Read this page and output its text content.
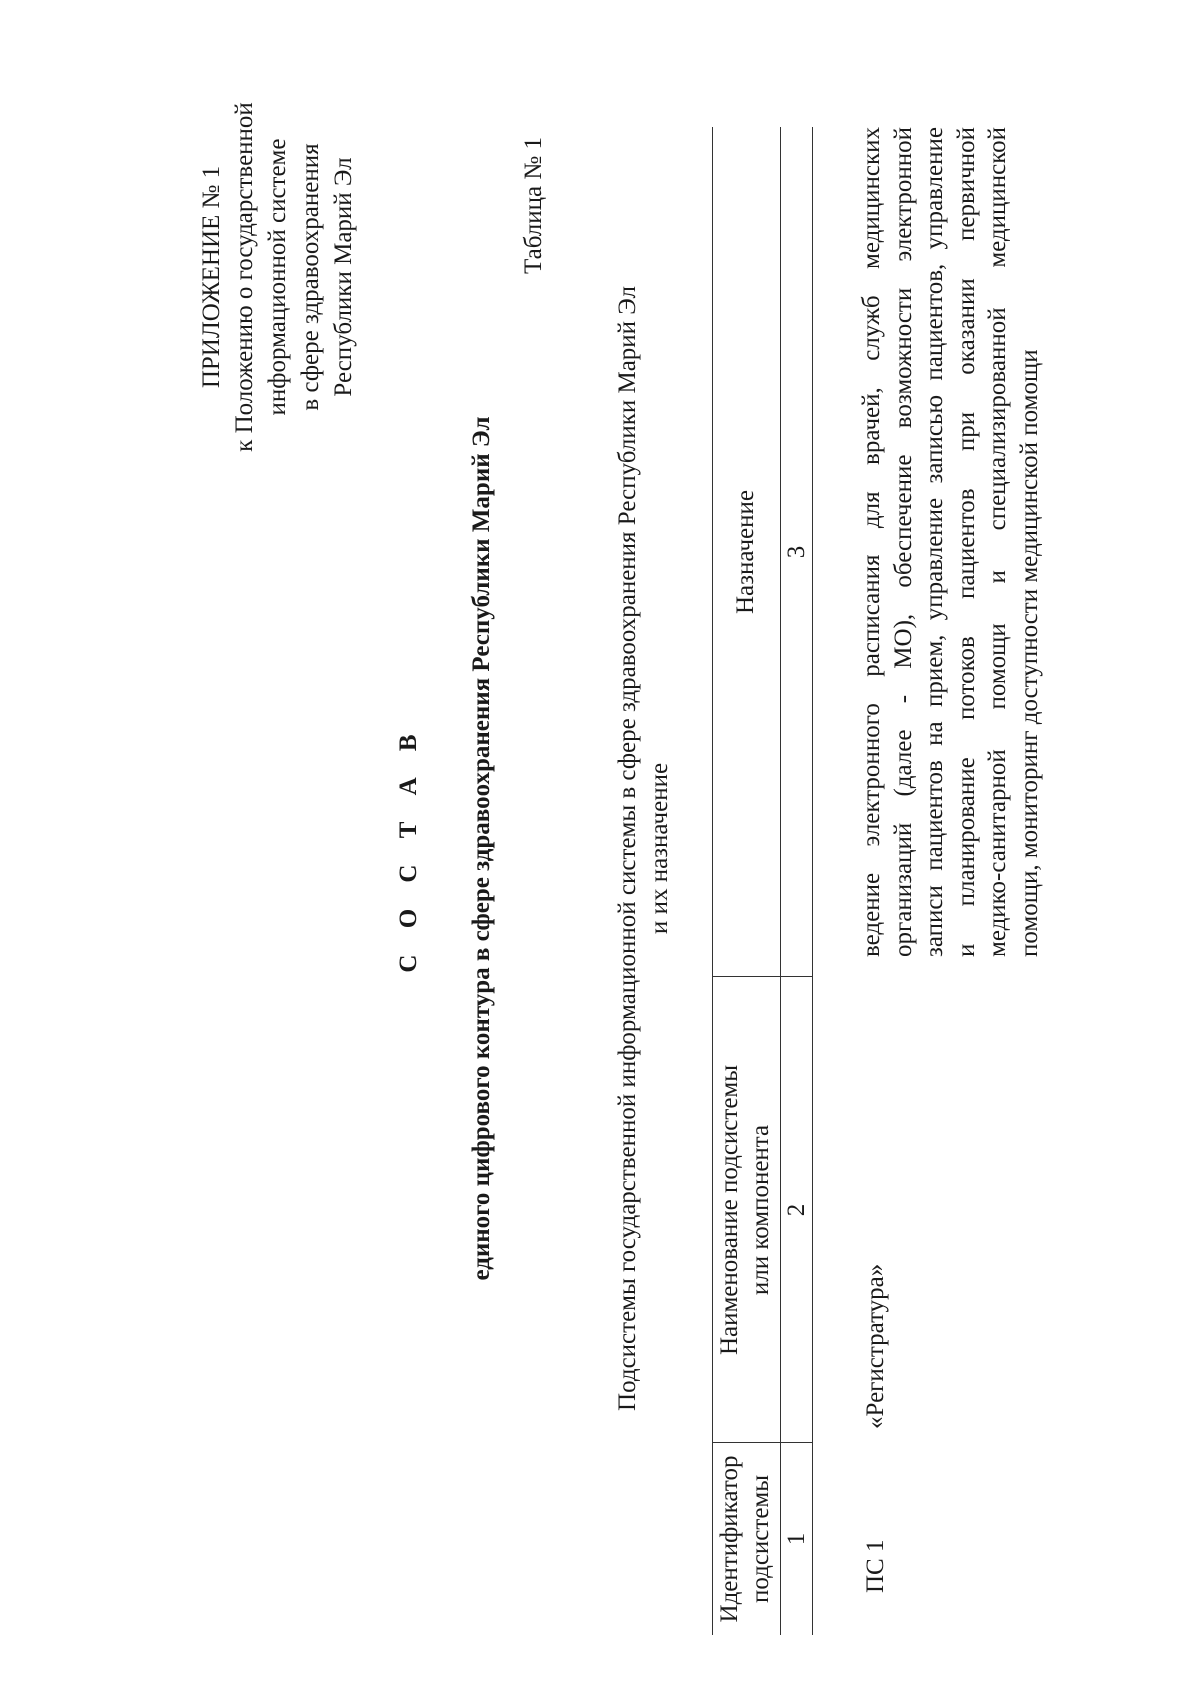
ПРИЛОЖЕНИЕ № 1 к Положению о государственной информационной системе в сфере здравоохранения Республики Марий Эл
С О С Т А В единого цифрового контура в сфере здравоохранения Республики Марий Эл
Таблица № 1
Подсистемы государственной информационной системы в сфере здравоохранения Республики Марий Эл и их назначение
Идентификатор подсистемы
Наименование подсистемы или компонента
Назначение
1
2
3
ПС 1
«Регистратура»
ведение электронного расписания для врачей, служб медицинских организаций (далее - МО), обеспечение возможности электронной записи пациентов на прием, управление записью пациентов, управление и планирование потоков пациентов при оказании первичной медико-санитарной помощи и специализированной медицинской помощи, мониторинг доступности медицинской помощи
